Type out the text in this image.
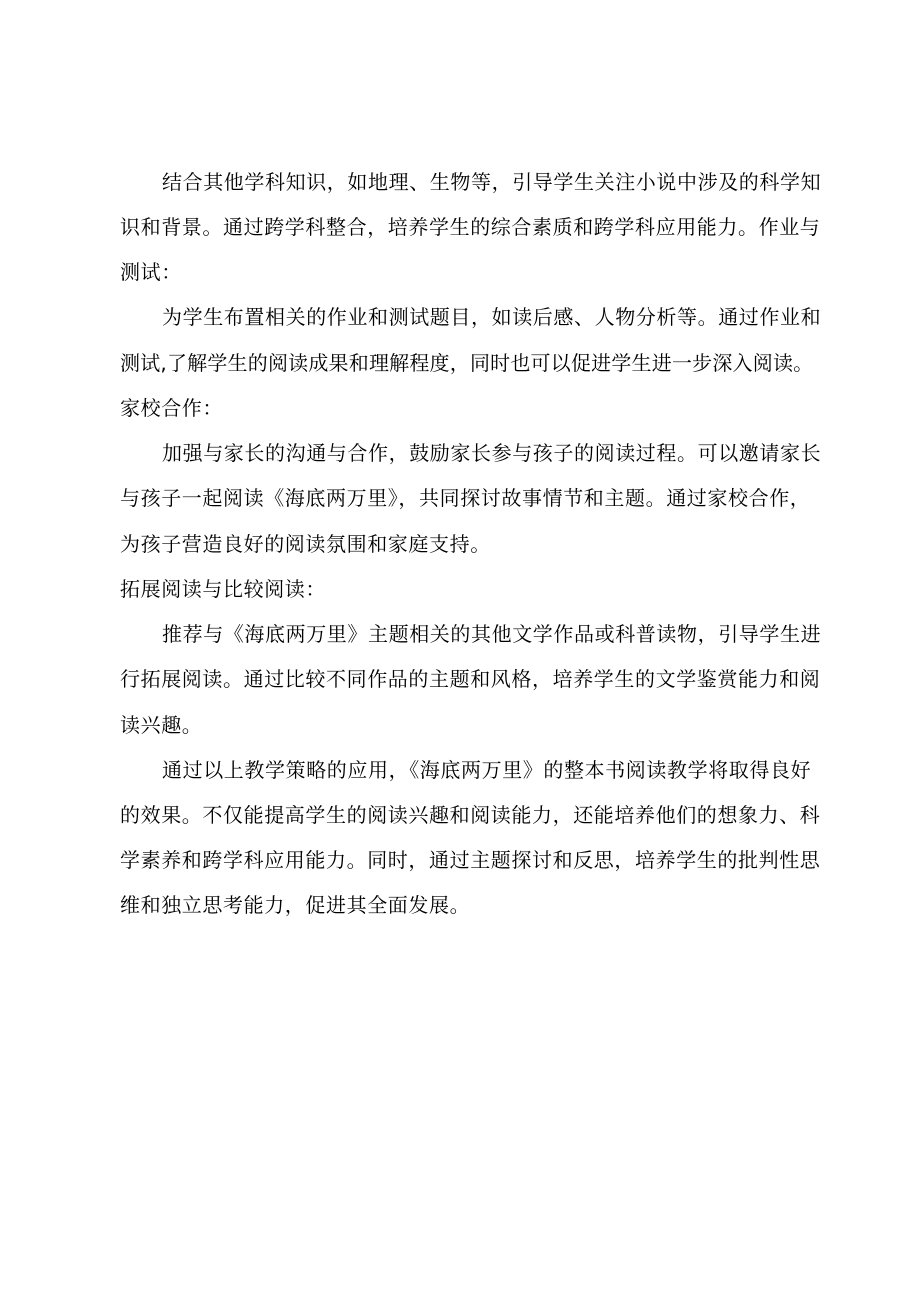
结合其他学科知识，如地理、生物等，引导学生关注小说中涉及的科学知
识和背景。通过跨学科整合，培养学生的综合素质和跨学科应用能力。作业与
测试：
为学生布置相关的作业和测试题目，如读后感、人物分析等。通过作业和
测试,了解学生的阅读成果和理解程度，同时也可以促进学生进一步深入阅读。
家校合作：
加强与家长的沟通与合作，鼓励家长参与孩子的阅读过程。可以邀请家长
与孩子一起阅读《海底两万里》，共同探讨故事情节和主题。通过家校合作，
为孩子营造良好的阅读氛围和家庭支持。
拓展阅读与比较阅读：
推荐与《海底两万里》主题相关的其他文学作品或科普读物，引导学生进
行拓展阅读。通过比较不同作品的主题和风格，培养学生的文学鉴赏能力和阅
读兴趣。
通过以上教学策略的应用，《海底两万里》的整本书阅读教学将取得良好
的效果。不仅能提高学生的阅读兴趣和阅读能力，还能培养他们的想象力、科
学素养和跨学科应用能力。同时，通过主题探讨和反思，培养学生的批判性思
维和独立思考能力，促进其全面发展。
